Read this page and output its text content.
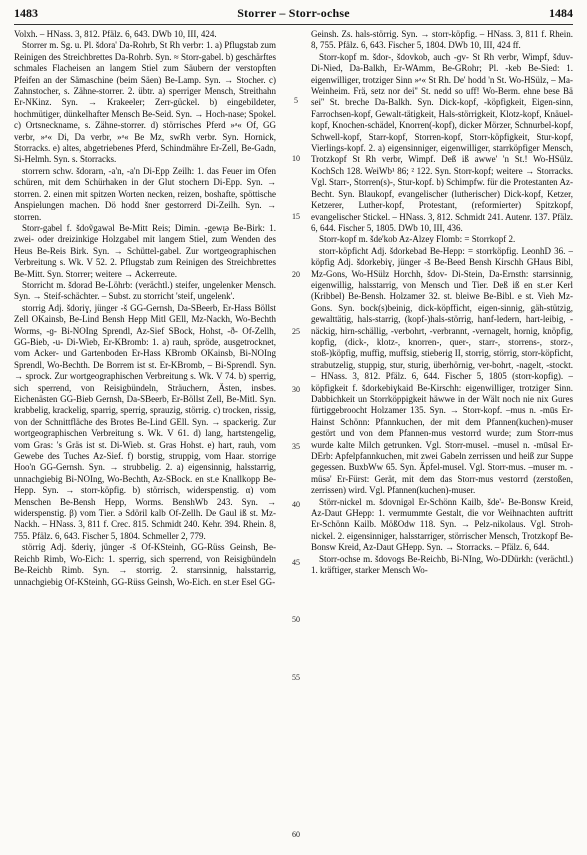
1483	Storrer – Storr-ochse	1484

Volxh. – HNass. 3, 812. Pfälz. 6, 643. DWb 10, III, 424.

Storrer m. Sg. u. Pl. šdora' Da-Rohrb, St Rh verbr: 1. a) Pflugstab zum Reinigen des Streichbrettes Da-Rohrb. Syn. ≈ Storr-gabel. b) geschärftes schmales Flacheisen an langem Stiel zum Säubern der verstopften Pfeifen an der Sämaschine (beim Säen) Be-Lamp. Syn. → Stocher. c) Zahnstocher, s. Zähne-storrer. 2. übtr. a) sperriger Mensch, Streithahn Er-NKinz. Syn. → Krakeeler; Zerr-gückel. b) eingebildeter, hochmütiger, dünkelhafter Mensch Be-Seid. Syn. → Hoch-nase; Spokel. c) Ortsneckname, s. Zähne-storrer. d) störrisches Pferd »ᵃ« Of, GG verbr, »ᵃ« Di, Da verbr, »ᵃ« Be Mz, swRh verbr. Syn. Hornick, Storracks. e) altes, abgetriebenes Pferd, Schindmähre Er-Zell, Be-Gadn, Si-Helmh. Syn. s. Storracks.

storrern schw. šdorarn, -a'n, -a'n Di-Epp Zeilh: 1. das Feuer im Ofen schüren, mit dem Schürhaken in der Glut stochern Di-Epp. Syn. → storren. 2. einen mit spitzen Worten necken, reizen, boshafte, spöttische Anspielungen machen. Dö hodd šner gestorrerd Di-Zeilh. Syn. → storren.

Storr-gabel f. šdoṽgawəl Be-Mitt Reis; Dimin. -gewɪ̯ə Be-Birk: 1. zwei- oder dreizinkige Holzgabel mit langem Stiel, zum Wenden des Heus Be-Reis Birk. Syn. → Schüttel-gabel. Zur wortgeographischen Verbreitung s. Wk. V 52. 2. Pflugstab zum Reinigen des Streichbrettes Be-Mitt. Syn. Storrer; weitere → Ackerreute.

Storricht m. šdorad Be-Löhrb: (verächtl.) steifer, ungelenker Mensch. Syn. → Steif-schächter. – Subst. zu storricht 'steif, ungelenk'.

storrig Adj. šdoriɣ, jünger -š GG-Gernsh, Da-SBeerb, Er-Hass Böllst Zell OKainsb, Be-Lind Bensh Hepp Mitl GEll, Mz-Nackh, Wo-Bechth Worms, -ɡ- Bi-NOIng Sprendl, Az-Sief SBock, Hohst, -ð- Of-Zellh, GG-Bieb, -u- Di-Wieb, Er-KBromb: 1. a) rauh, spröde, ausgetrocknet, vom Acker- und Gartenboden Er-Hass KBromb OKainsb, Bi-NOIng Sprendl, Wo-Bechth. De Borrem ist st. Er-KBromb, – Bi-Sprendl. Syn. → sprock. Zur wortgeographischen Verbreitung s. Wk. V 74. b) sperrig, sich sperrend, von Reisigbündeln, Sträuchern, Ästen, insbes. Eichenästen GG-Bieb Gernsh, Da-SBeerb, Er-Böllst Zell, Be-Mitl. Syn. krabbelig, krackelig, sparrig, sperrig, sprauzig, störrig. c) trocken, rissig, von der Schnittfläche des Brotes Be-Lind GEll. Syn. → spackerig. Zur wortgeographischen Verbreitung s. Wk. V 61. d) lang, hartstengelig, vom Gras: 's Gräs ist st. Di-Wieb. st. Gras Hohst. e) hart, rauh, vom Gewebe des Tuches Az-Sief. f) borstig, struppig, vom Haar. storrige Hoo'n GG-Gernsh. Syn. → strubbelig. 2. a) eigensinnig, halsstarrig, unnachgiebig Bi-NOIng, Wo-Bechth, Az-SBock. en st.e Knallkopp Be-Hepp. Syn. → storr-köpfig. b) störrisch, widerspenstig. α) vom Menschen Be-Bensh Hepp, Worms. BenshWb 243. Syn. → widerspenstig. β) vom Tier. ə Sdöril kalb Of-Zellh. De Gaul iß st. Mz-Nackh. – HNass. 3, 811 f. Crec. 815. Schmidt 240. Kehr. 394. Rhein. 8, 755. Pfälz. 6, 643. Fischer 5, 1804. Schmeller 2, 779.

störrig Adj. šderiɣ, jünger -š Of-KSteinh, GG-Rüss Geinsh, Be-Reichb Rimb, Wo-Eich: 1. sperrig, sich sperrend, von Reisigbündeln Be-Reichb Rimb. Syn. → storrig. 2. starrsinnig, halsstarrig, unnachgiebig Of-KSteinh, GG-Rüss Geinsh, Wo-Eich. en st.er Esel GG-

Geinsh. Zs. hals-störrig. Syn. → storr-köpfig. – HNass. 3, 811 f. Rhein. 8, 755. Pfälz. 6, 643. Fischer 5, 1804. DWb 10, III, 424 ff.

Storr-kopf m. šdor-, šdovkob, auch -ɡv- St Rh verbr, Wimpf, šduv- Di-Nied, Da-Balkh, Er-WAmm, Be-GRohr; Pl. -keb Be-Sied: 1. eigenwilliger, trotziger Sinn »ᵃ« St Rh. De' hodd 'n St. Wo-HSülz, – Ma-Weinheim. Frä, setz nor dei'' St. nedd so uff! Wo-Berm. ehne bese Bä sei'' St. breche Da-Balkh. Syn. Dick-kopf, -köpfigkeit, Eigen-sinn, Farrochsen-kopf, Gewalt-tätigkeit, Hals-störrigkeit, Klotz-kopf, Knäuel-kopf, Knochen-schädel, Knorren(-kopf), dicker Mörzer, Schnurbel-kopf, Schwell-kopf, Starr-kopf, Storren-kopf, Storr-köpfigkeit, Stur-kopf, Vierlings-kopf. 2. a) eigensinniger, eigenwilliger, starrköpfiger Mensch, Trotzkopf St Rh verbr, Wimpf. Deß iß awwe' 'n St.! Wo-HSülz. KochSch 128. WeiWb¹ 86; ² 122. Syn. Storr-kopf; weitere → Storracks. Vgl. Starr-, Storren(s)-, Stur-kopf. b) Schimpfw. für die Protestanten Az-Becht. Syn. Blaukopf, evangelischer (lutherischer) Dick-kopf, Ketzer, Ketzerer, Luther-kopf, Protestant, (reformierter) Spitzkopf, evangelischer Stickel. – HNass. 3, 812. Schmidt 241. Autenr. 137. Pfälz. 6, 644. Fischer 5, 1805. DWb 10, III, 436.

Storr-kopf m. šde'kob Az-Alzey Flomb: = Storrkopf 2.

storr-köpficht Adj. šdorkebad Be-Hepp: = storrköpfig. LeonhD 36. –köpfig Adj. šdorkebiɣ, jünger -š Be-Beed Bensh Kirschh GHaus Bibl, Mz-Gons, Wo-HSülz Horchh, šdov- Di-Stein, Da-Ernsth: starrsinnig, eigenwillig, halsstarrig, von Mensch und Tier. Deß iß en st.er Kerl (Kribbel) Be-Bensh. Holzamer 32. st. bleiwe Be-Bibl. e st. Vieh Mz-Gons. Syn. bock(s)beinig, dick-köpfficht, eigen-sinnig, gäh-stützig, gewalttätig, hals-starrig, (kopf-)hals-störrig, hanf-ledern, hart-leibig, -näckig, hirn-schällig, -verbohrt, -verbrannt, -vernagelt, hornig, knöpfig, kopfig, (dick-, klotz-, knorren-, quer-, starr-, storrens-, storz-, stoß-)köpfig, muffig, muffsig, stieberig II, storrig, störrig, storr-köpficht, strabutzelig, stuppig, stur, sturig, überhörnig, ver-bohrt, -nagelt, -stockt. – HNass. 3, 812. Pfälz. 6, 644. Fischer 5, 1805 (storr-kopfig). –köpfigkeit f. šdorkebiɣkaid Be-Kirschh: eigenwilliger, trotziger Sinn. Dabbichkeit un Storrköppigkeit häwwe in der Wält noch nie nix Gures fürtiggebroocht Holzamer 135. Syn. → Storr-kopf. –mus n. -mūs Er-Hainst Schönn: Pfannkuchen, der mit dem Pfannen(kuchen)-muser gestört und von dem Pfannen-mus vestorrd wurde; zum Storr-mus wurde kalte Milch getrunken. Vgl. Storr-musel. –musel n. -mūsəl Er-DErb: Apfelpfannkuchen, mit zwei Gabeln zerrissen und heiß zur Suppe gegessen. BuxbWw 65. Syn. Äpfel-musel. Vgl. Storr-mus. –muser m. -müsə' Er-Fürst: Gerät, mit dem das Storr-mus vestorrd (zerstoßen, zerrissen) wird. Vgl. Pfannen(kuchen)-muser.

Störr-nickel m. šdovnigəl Er-Schönn Kailb, šde'- Be-Bonsw Kreid, Az-Daut GHepp: 1. vermummte Gestalt, die vor Weihnachten auftritt Er-Schönn Kailb. MößOdw 118. Syn. → Pelz-nikolaus. Vgl. Stroh-nickel. 2. eigensinniger, halsstarriger, störrischer Mensch, Trotzkopf Be-Bonsw Kreid, Az-Daut GHepp. Syn. → Storracks. – Pfälz. 6, 644.

Storr-ochse m. šdovogs Be-Reichb, Bi-NIng, Wo-DDürkh: (verächtl.) 1. kräftiger, starker Mensch Wo-

5
10
15
20
25
30
35
40
45
50
55
60
